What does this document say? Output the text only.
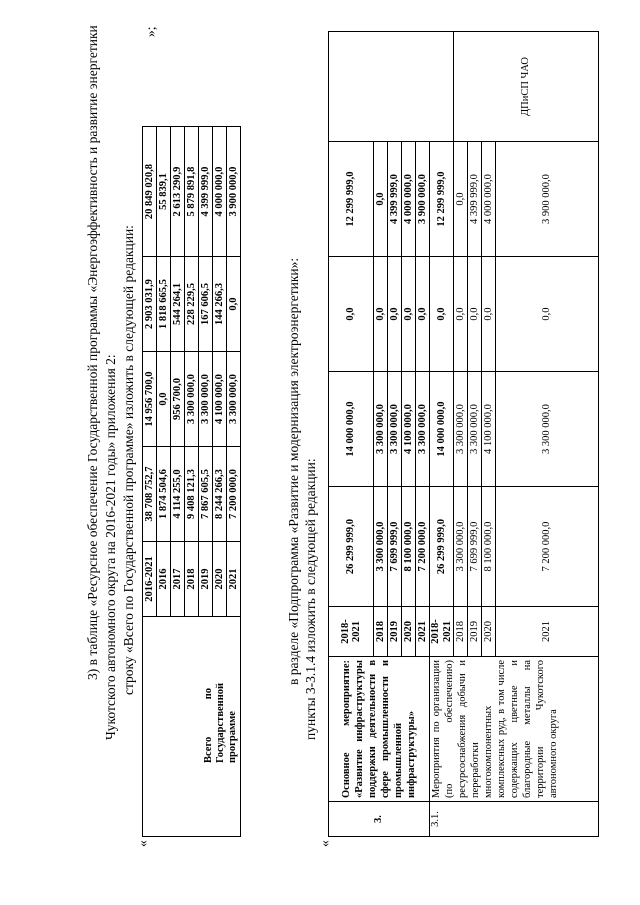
3) в таблице «Ресурсное обеспечение Государственной программы «Энергоэффективность и развитие энергетики Чукотского автономного округа на 2016-2021 годы» приложения 2: строку «Всего по Государственной программе» изложить в следующей редакции:
«
	2016-2021	38 708 752,7	14 956 700,0	2 903 031,9	20 849 020,8
	2016	1 874 504,6	0,0	1 818 665,5	55 839,1
	2017	4 114 255,0	956 700,0	544 264,1	2 613 290,9
	2018	9 408 121,3	3 300 000,0	228 229,5	5 879 891,8
	2019	7 867 605,5	3 300 000,0	167 606,5	4 399 999,0
	2020	8 244 266,3	4 100 000,0	144 266,3	4 000 000,0
	2021	7 200 000,0	3 300 000,0	0,0	3 900 000,0
Всего по Государственной программе
»;
в разделе «Подпрограмма «Развитие и модернизация электроэнергетики»: пункты 3-3.1.4 изложить в следующей редакции:
«
3.	Основное мероприятие: «Развитие инфраструктуры поддержки деятельности в сфере промышленности и промышленной инфраструктуры»	2018-2021	26 299 999,0	14 000 000,0	0,0	12 299 999,0	
		2018	3 300 000,0	3 300 000,0	0,0	0,0	
		2019	7 699 999,0	3 300 000,0	0,0	4 399 999,0	
		2020	8 100 000,0	4 100 000,0	0,0	4 000 000,0	
		2021	7 200 000,0	3 300 000,0	0,0	3 900 000,0	
3.1.	Мероприятия по организации (по обеспечению) ресурсоснабжения добычи и переработки многокомпонентных комплексных руд, в том числе содержащих цветные и благородные металлы на территории Чукотского автономного округа	2018-2021	26 299 999,0	14 000 000,0	0,0	12 299 999,0	
		2018	3 300 000,0	3 300 000,0	0,0	0,0	ДПиСП ЧАО
		2019	7 699 999,0	3 300 000,0	0,0	4 399 999,0	
		2020	8 100 000,0	4 100 000,0	0,0	4 000 000,0	
		2021	7 200 000,0	3 300 000,0	0,0	3 900 000,0	
